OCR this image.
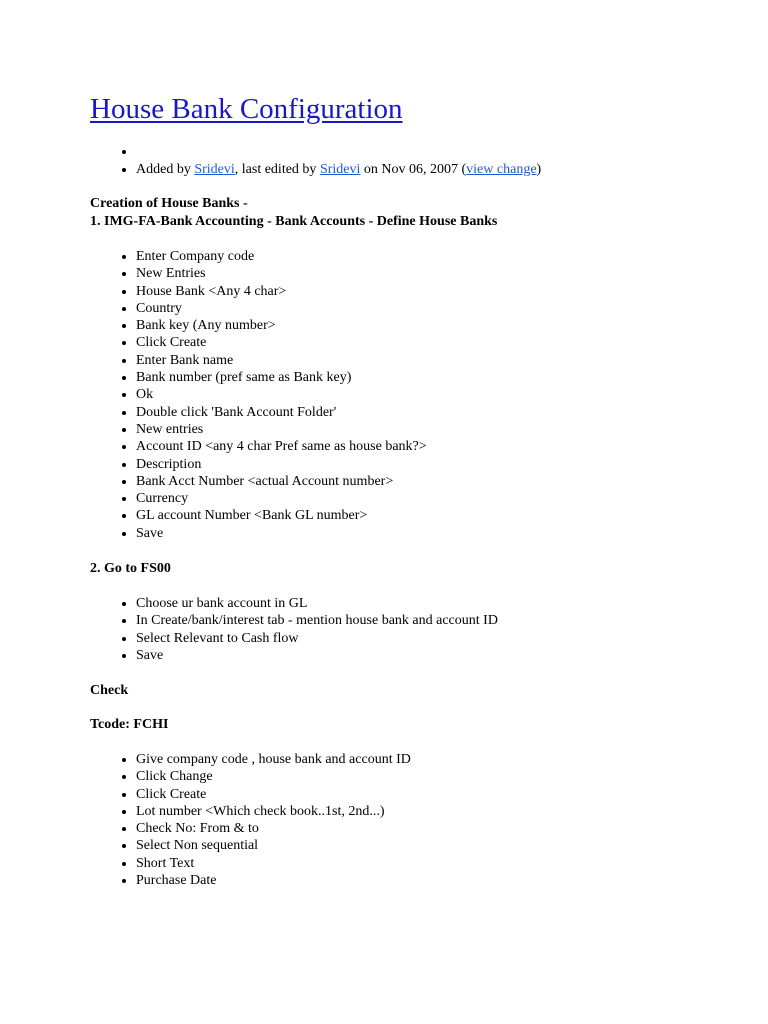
House Bank Configuration
•
• Added by Sridevi, last edited by Sridevi on Nov 06, 2007 (view change)

Creation of House Banks -
1. IMG-FA-Bank Accounting - Bank Accounts - Define House Banks

• Enter Company code
• New Entries
• House Bank <Any 4 char>
• Country
• Bank key (Any number>
• Click Create
• Enter Bank name
• Bank number (pref same as Bank key)
• Ok
• Double click 'Bank Account Folder'
• New entries
• Account ID <any 4 char Pref same as house bank?>
• Description
• Bank Acct Number <actual Account number>
• Currency
• GL account Number <Bank GL number>
• Save

2. Go to FS00

• Choose ur bank account in GL
• In Create/bank/interest tab - mention house bank and account ID
• Select Relevant to Cash flow
• Save

Check

Tcode: FCHI

• Give company code , house bank and account ID
• Click Change
• Click Create
• Lot number <Which check book..1st, 2nd...)
• Check No: From & to
• Select Non sequential
• Short Text
• Purchase Date
